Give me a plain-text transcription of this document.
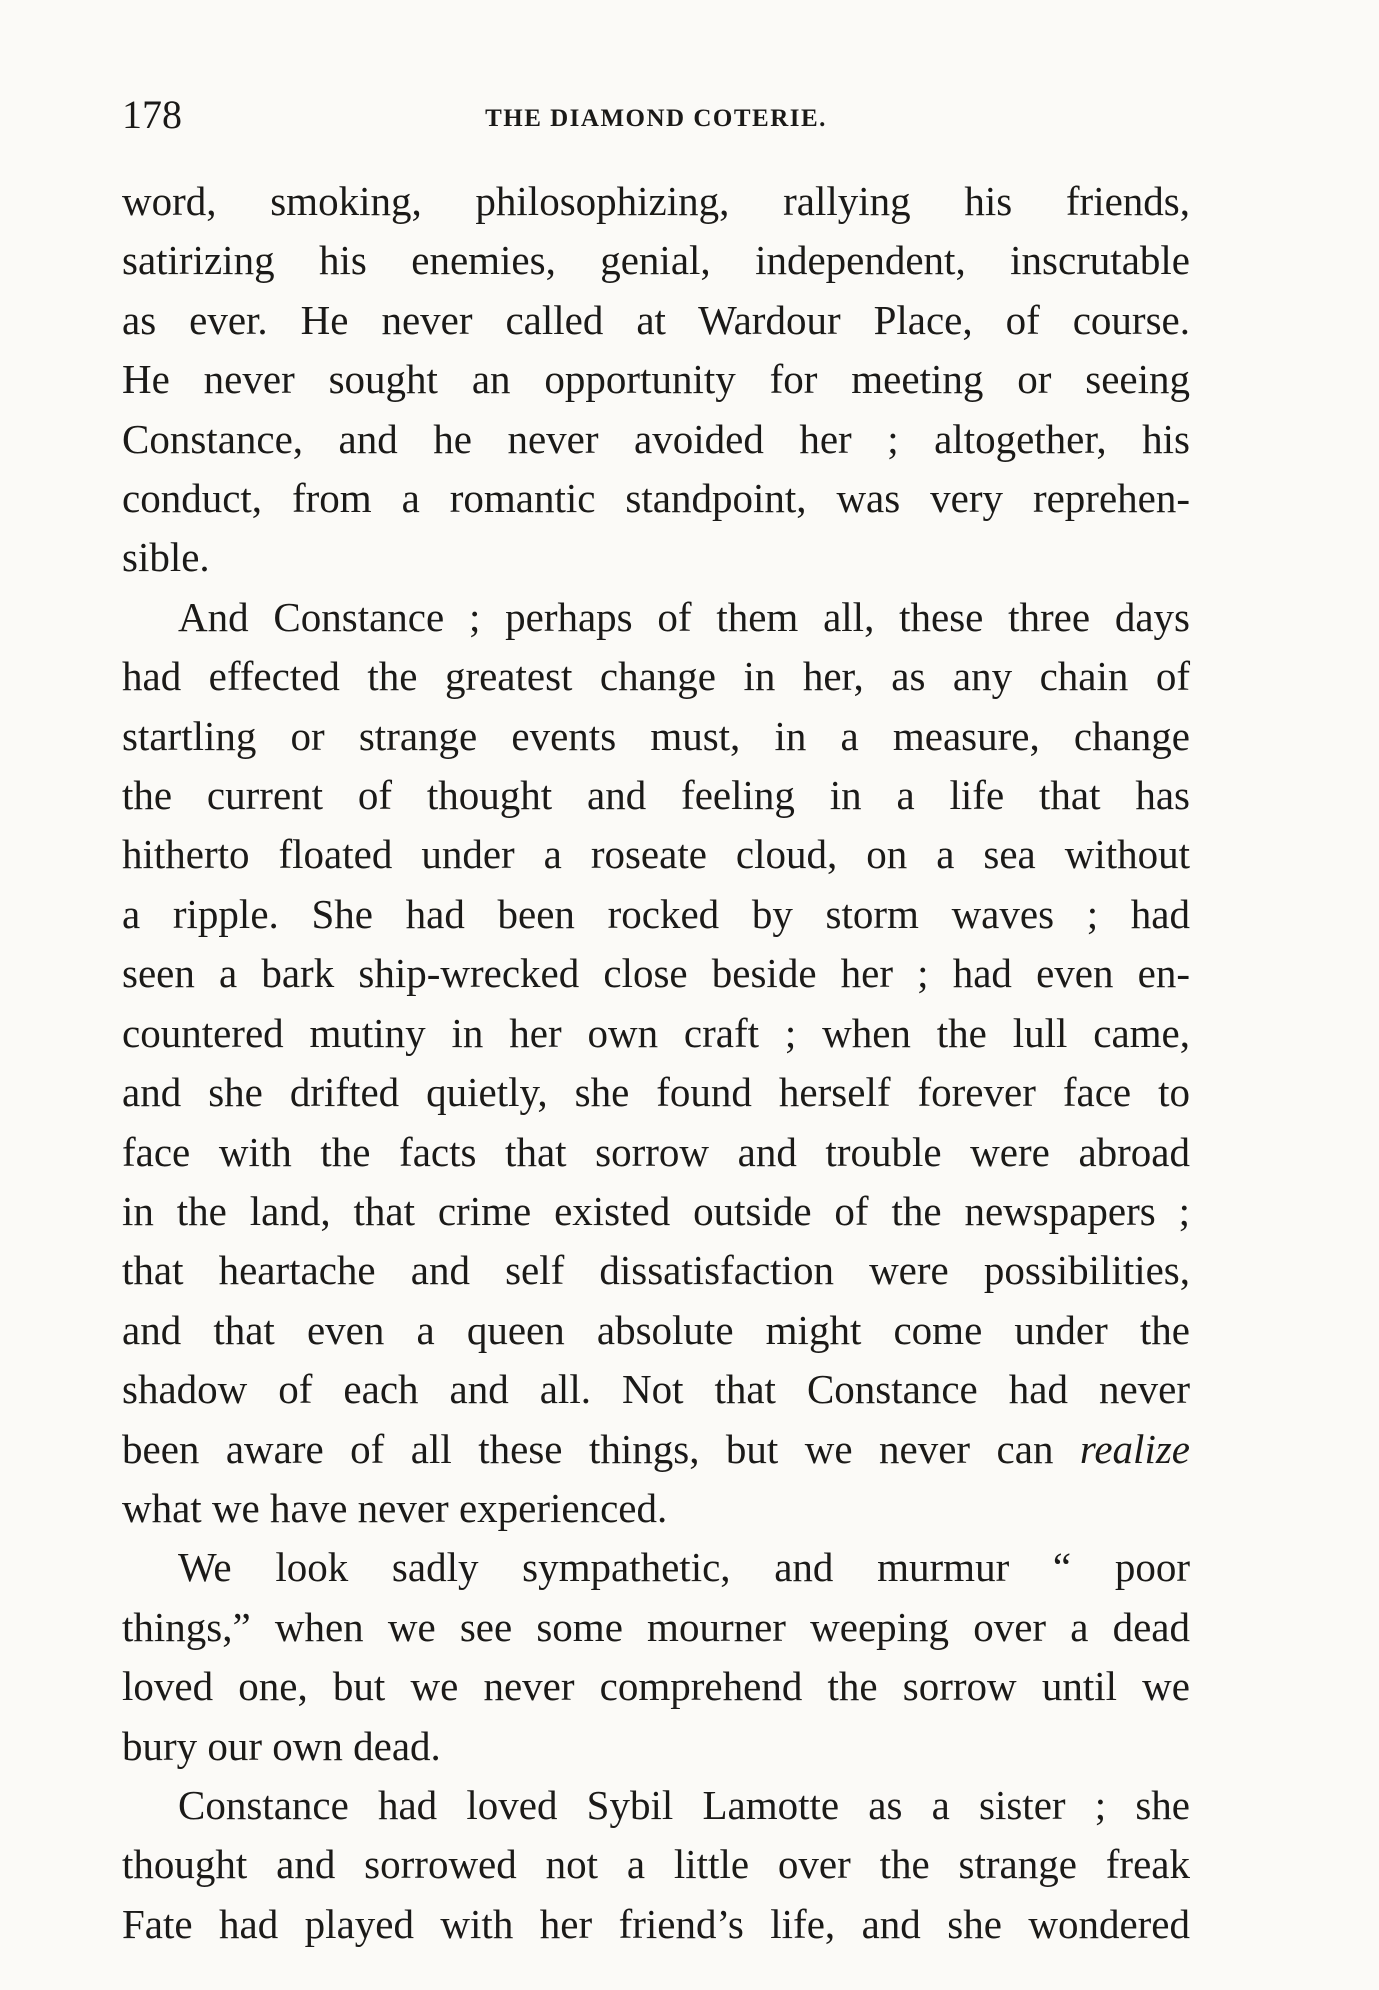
178	THE DIAMOND COTERIE.
word, smoking, philosophizing, rallying his friends,
satirizing his enemies, genial, independent, inscrutable
as ever. He never called at Wardour Place, of course.
He never sought an opportunity for meeting or seeing
Constance, and he never avoided her ; altogether, his
conduct, from a romantic standpoint, was very reprehen-
sible.
And Constance ; perhaps of them all, these three days
had effected the greatest change in her, as any chain of
startling or strange events must, in a measure, change
the current of thought and feeling in a life that has
hitherto floated under a roseate cloud, on a sea without
a ripple. She had been rocked by storm waves ; had
seen a bark ship-wrecked close beside her ; had even en-
countered mutiny in her own craft ; when the lull came,
and she drifted quietly, she found herself forever face to
face with the facts that sorrow and trouble were abroad
in the land, that crime existed outside of the newspapers ;
that heartache and self dissatisfaction were possibilities,
and that even a queen absolute might come under the
shadow of each and all. Not that Constance had never
been aware of all these things, but we never can realize
what we have never experienced.
We look sadly sympathetic, and murmur “ poor
things,” when we see some mourner weeping over a dead
loved one, but we never comprehend the sorrow until we
bury our own dead.
Constance had loved Sybil Lamotte as a sister ; she
thought and sorrowed not a little over the strange freak
Fate had played with her friend’s life, and she wondered
